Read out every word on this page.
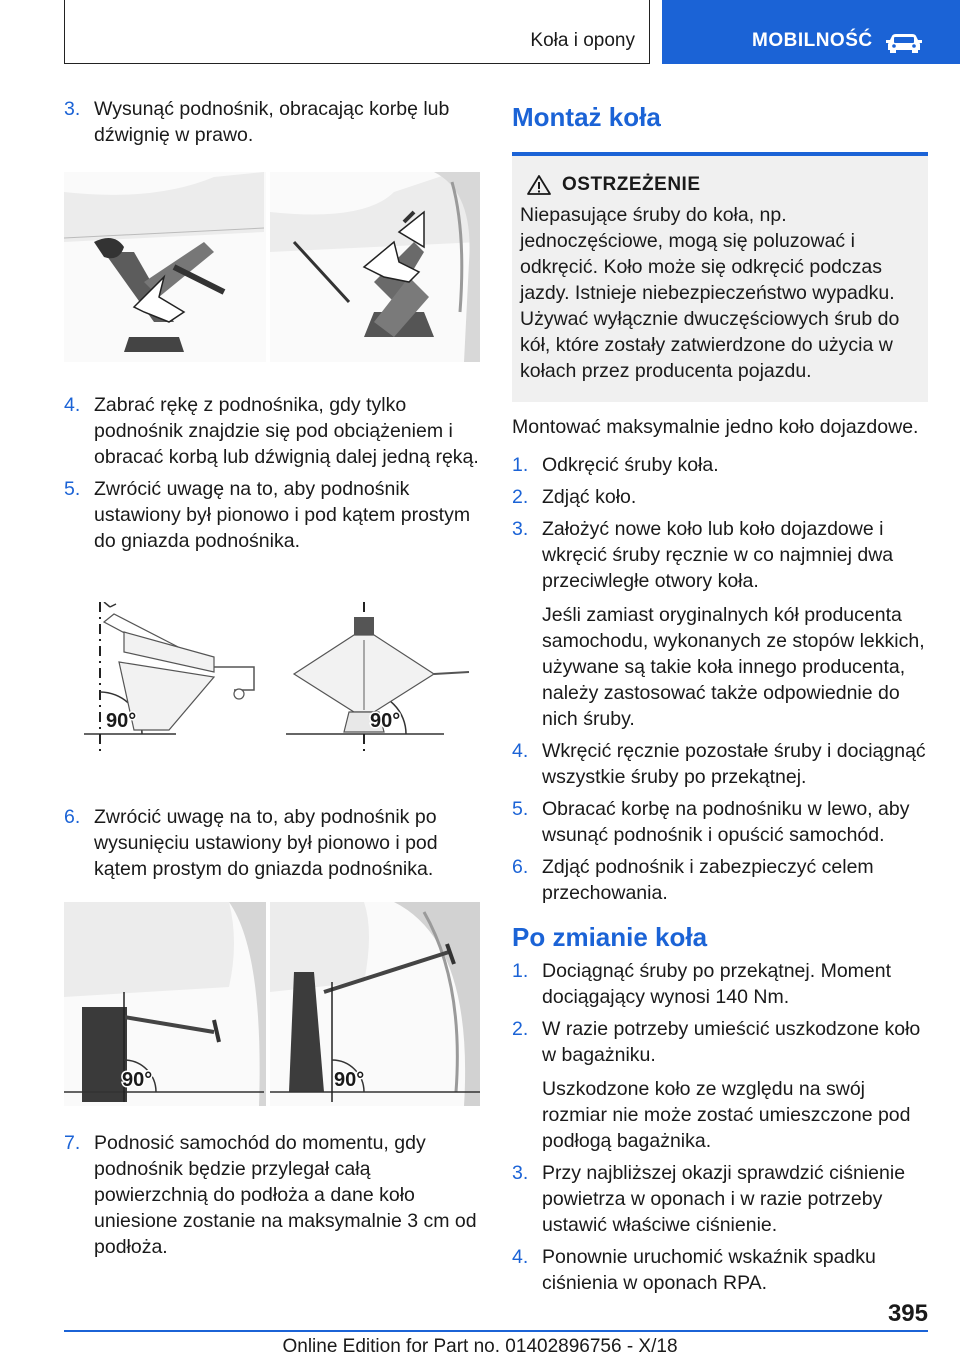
Koła i opony	MOBILNOŚĆ

3. Wysunąć podnośnik, obracając korbę lub dźwignię w prawo.

4. Zabrać rękę z podnośnika, gdy tylko podnośnik znajdzie się pod obciążeniem i obracać korbą lub dźwignią dalej jedną ręką.

5. Zwrócić uwagę na to, aby podnośnik ustawiony był pionowo i pod kątem prostym do gniazda podnośnika.

90°	90°

6. Zwrócić uwagę na to, aby podnośnik po wysunięciu ustawiony był pionowo i pod kątem prostym do gniazda podnośnika.

90°	90°

7. Podnosić samochód do momentu, gdy podnośnik będzie przylegał całą powierzchnią do podłoża a dane koło uniesione zostanie na maksymalnie 3 cm od podłoża.

Montaż koła
OSTRZEŻENIE
Niepasujące śruby do koła, np. jednoczęściowe, mogą się poluzować i odkręcić. Koło może się odkręcić podczas jazdy. Istnieje niebezpieczeństwo wypadku. Używać wyłącznie dwuczęściowych śrub do kół, które zostały zatwierdzone do użycia w kołach przez producenta pojazdu.

Montować maksymalnie jedno koło dojazdowe.

1. Odkręcić śruby koła.

2. Zdjąć koło.

3. Założyć nowe koło lub koło dojazdowe i wkręcić śruby ręcznie w co najmniej dwa przeciwległe otwory koła.
Jeśli zamiast oryginalnych kół producenta samochodu, wykonanych ze stopów lekkich, używane są takie koła innego producenta, należy zastosować także odpowiednie do nich śruby.

4. Wkręcić ręcznie pozostałe śruby i dociągnąć wszystkie śruby po przekątnej.

5. Obracać korbę na podnośniku w lewo, aby wsunąć podnośnik i opuścić samochód.

6. Zdjąć podnośnik i zabezpieczyć celem przechowania.

Po zmianie koła

1. Dociągnąć śruby po przekątnej. Moment dociągający wynosi 140 Nm.

2. W razie potrzeby umieścić uszkodzone koło w bagażniku.
Uszkodzone koło ze względu na swój rozmiar nie może zostać umieszczone pod podłogą bagażnika.

3. Przy najbliższej okazji sprawdzić ciśnienie powietrza w oponach i w razie potrzeby ustawić właściwe ciśnienie.

4. Ponownie uruchomić wskaźnik spadku ciśnienia w oponach RPA.

395
Online Edition for Part no. 01402896756 - X/18
